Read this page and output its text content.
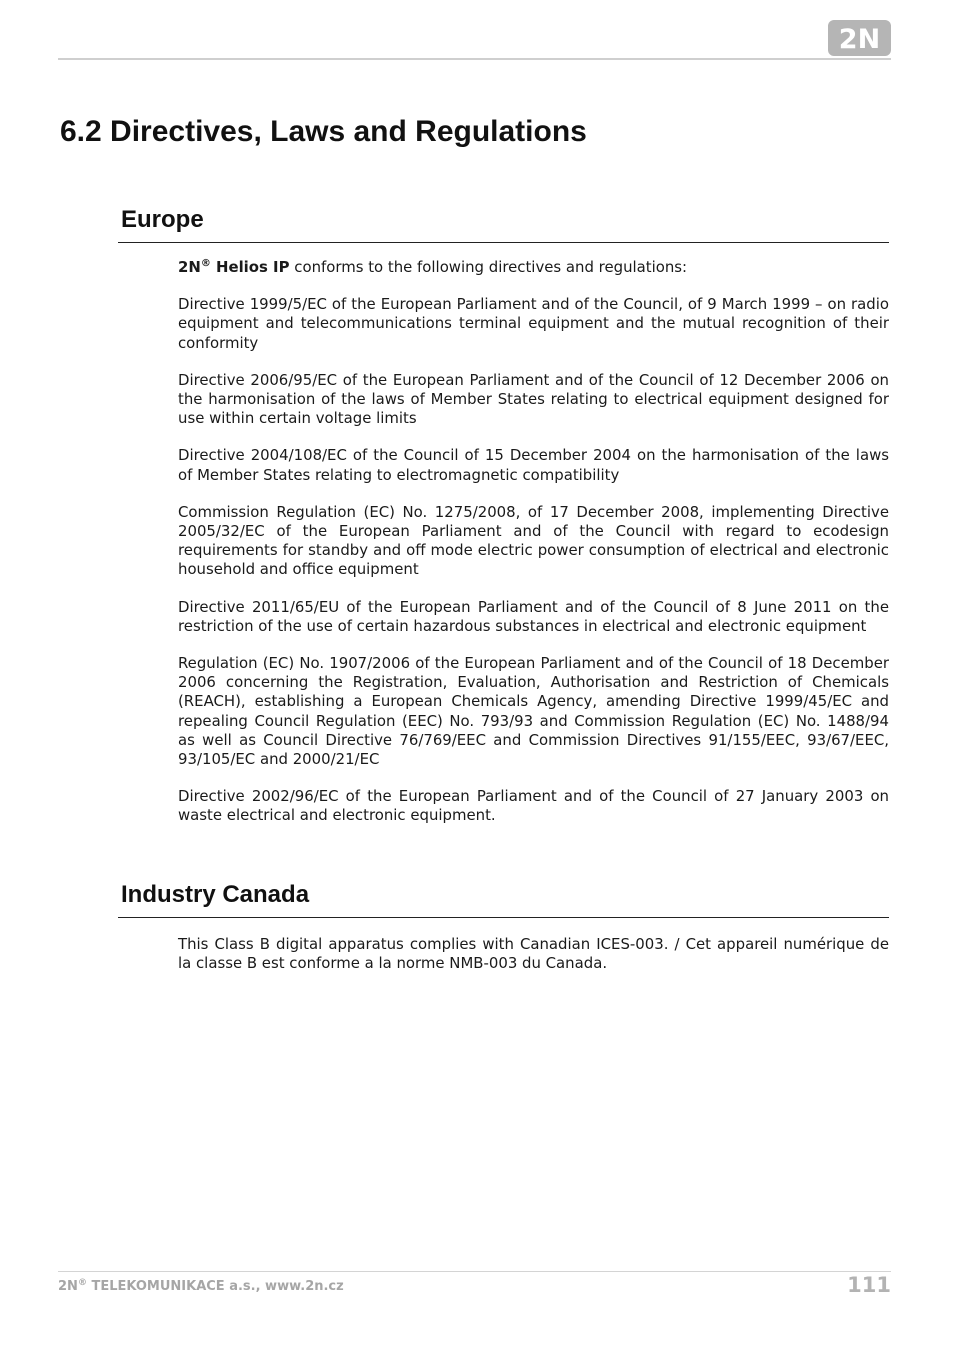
2N
6.2 Directives, Laws and Regulations
Europe

2N® Helios IP conforms to the following directives and regulations:

Directive 1999/5/EC of the European Parliament and of the Council, of 9 March 1999 – on radio equipment and telecommunications terminal equipment and the mutual recognition of their conformity

Directive 2006/95/EC of the European Parliament and of the Council of 12 December 2006 on the harmonisation of the laws of Member States relating to electrical equipment designed for use within certain voltage limits

Directive 2004/108/EC of the Council of 15 December 2004 on the harmonisation of the laws of Member States relating to electromagnetic compatibility

Commission Regulation (EC) No. 1275/2008, of 17 December 2008, implementing Directive 2005/32/EC of the European Parliament and of the Council with regard to ecodesign requirements for standby and off mode electric power consumption of electrical and electronic household and office equipment

Directive 2011/65/EU of the European Parliament and of the Council of 8 June 2011 on the restriction of the use of certain hazardous substances in electrical and electronic equipment

Regulation (EC) No. 1907/2006 of the European Parliament and of the Council of 18 December 2006 concerning the Registration, Evaluation, Authorisation and Restriction of Chemicals (REACH), establishing a European Chemicals Agency, amending Directive 1999/45/EC and repealing Council Regulation (EEC) No. 793/93 and Commission Regulation (EC) No. 1488/94 as well as Council Directive 76/769/EEC and Commission Directives 91/155/EEC, 93/67/EEC, 93/105/EC and 2000/21/EC

Directive 2002/96/EC of the European Parliament and of the Council of 27 January 2003 on waste electrical and electronic equipment.

Industry Canada

This Class B digital apparatus complies with Canadian ICES-003. / Cet appareil numérique de la classe B est conforme a la norme NMB-003 du Canada.

2N® TELEKOMUNIKACE a.s., www.2n.cz	111
